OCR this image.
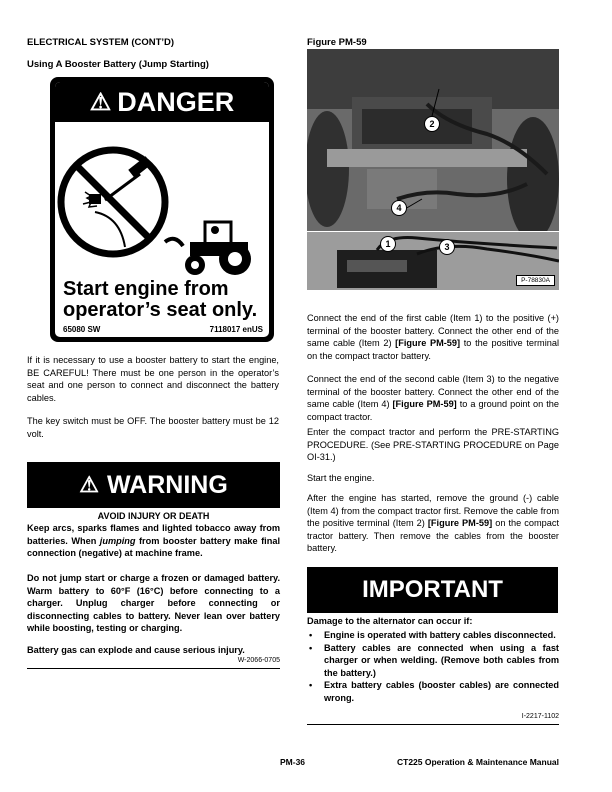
ELECTRICAL SYSTEM (CONT’D)
Using A Booster Battery (Jump Starting)
⚠ DANGER
Start engine from
operator’s seat only.
65080 SW	7118017 enUS
If it is necessary to use a booster battery to start the engine, BE CAREFUL! There must be one person in the operator’s seat and one person to connect and disconnect the battery cables.
The key switch must be OFF. The booster battery must be 12 volt.
⚠ WARNING
AVOID INJURY OR DEATH
Keep arcs, sparks flames and lighted tobacco away from batteries. When jumping from booster battery make final connection (negative) at machine frame.
Do not jump start or charge a frozen or damaged battery. Warm battery to 60°F (16°C) before connecting to a charger. Unplug charger before connecting or disconnecting cables to battery. Never lean over battery while boosting, testing or charging.
Battery gas can explode and cause serious injury.
W-2066-0705
Figure PM-59
2
4
1	3
P-78830A
Connect the end of the first cable (Item 1) to the positive (+) terminal of the booster battery. Connect the other end of the same cable (Item 2) [Figure PM-59] to the positive terminal on the compact tractor battery.
Connect the end of the second cable (Item 3) to the negative terminal of the booster battery. Connect the other end of the same cable (Item 4) [Figure PM-59] to a ground point on the compact tractor.
Enter the compact tractor and perform the PRE-STARTING PROCEDURE. (See PRE-STARTING PROCEDURE on Page OI-31.)
Start the engine.
After the engine has started, remove the ground (-) cable (Item 4) from the compact tractor first. Remove the cable from the positive terminal (Item 2) [Figure PM-59] on the compact tractor battery. Then remove the cables from the booster battery.
IMPORTANT
Damage to the alternator can occur if:
• Engine is operated with battery cables disconnected.
• Battery cables are connected when using a fast charger or when welding. (Remove both cables from the battery.)
• Extra battery cables (booster cables) are connected wrong.
I-2217-1102
PM-36	CT225 Operation & Maintenance Manual
